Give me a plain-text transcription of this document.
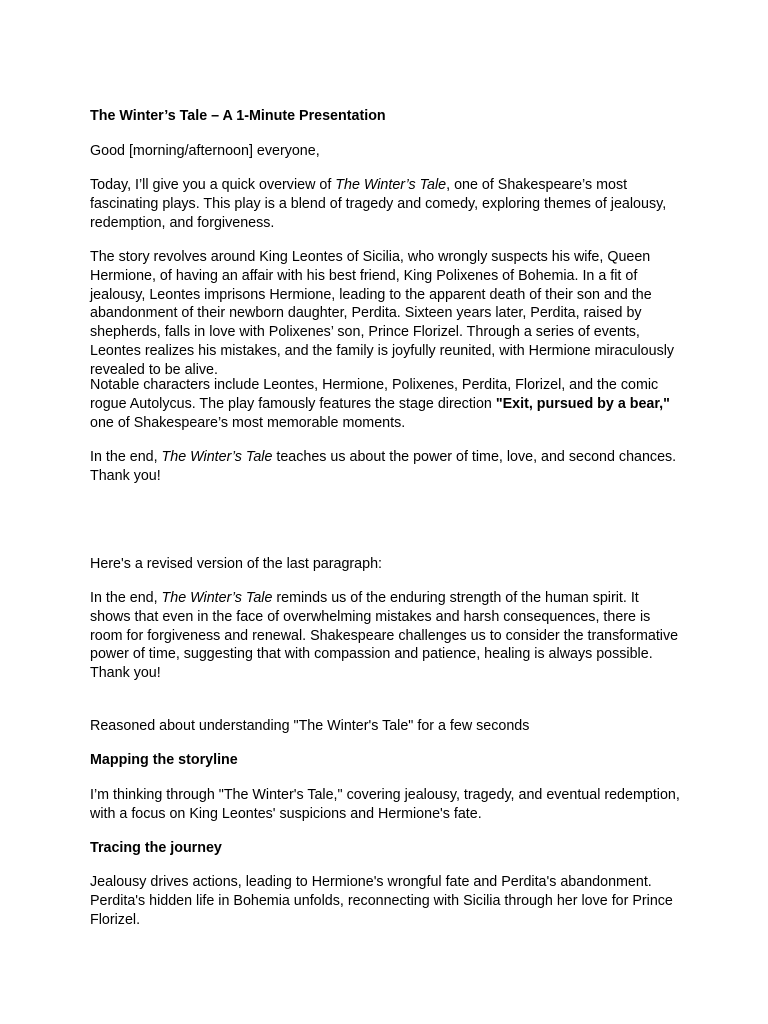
The Winter’s Tale – A 1-Minute Presentation

Good [morning/afternoon] everyone,

Today, I’ll give you a quick overview of The Winter’s Tale, one of Shakespeare’s most fascinating plays. This play is a blend of tragedy and comedy, exploring themes of jealousy, redemption, and forgiveness.

The story revolves around King Leontes of Sicilia, who wrongly suspects his wife, Queen Hermione, of having an affair with his best friend, King Polixenes of Bohemia. In a fit of jealousy, Leontes imprisons Hermione, leading to the apparent death of their son and the abandonment of their newborn daughter, Perdita. Sixteen years later, Perdita, raised by shepherds, falls in love with Polixenes’ son, Prince Florizel. Through a series of events, Leontes realizes his mistakes, and the family is joyfully reunited, with Hermione miraculously revealed to be alive.

Notable characters include Leontes, Hermione, Polixenes, Perdita, Florizel, and the comic rogue Autolycus. The play famously features the stage direction "Exit, pursued by a bear," one of Shakespeare’s most memorable moments.

In the end, The Winter’s Tale teaches us about the power of time, love, and second chances. Thank you!

Here's a revised version of the last paragraph:

In the end, The Winter’s Tale reminds us of the enduring strength of the human spirit. It shows that even in the face of overwhelming mistakes and harsh consequences, there is room for forgiveness and renewal. Shakespeare challenges us to consider the transformative power of time, suggesting that with compassion and patience, healing is always possible. Thank you!

Reasoned about understanding "The Winter's Tale" for a few seconds

Mapping the storyline

I’m thinking through "The Winter's Tale," covering jealousy, tragedy, and eventual redemption, with a focus on King Leontes' suspicions and Hermione's fate.

Tracing the journey

Jealousy drives actions, leading to Hermione's wrongful fate and Perdita's abandonment. Perdita's hidden life in Bohemia unfolds, reconnecting with Sicilia through her love for Prince Florizel.
